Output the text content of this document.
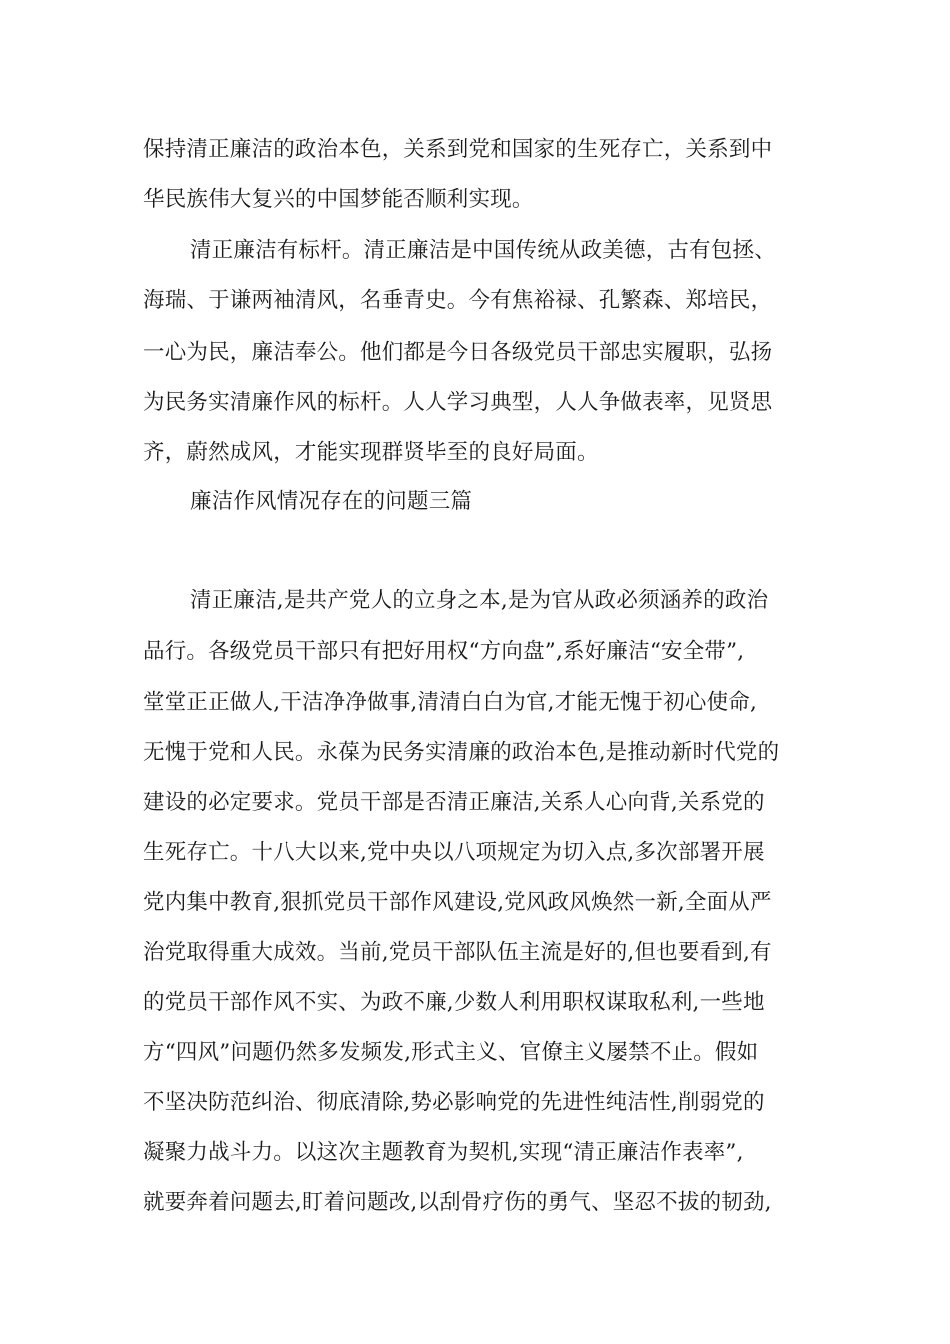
保持清正廉洁的政治本色，关系到党和国家的生死存亡，关系到中
华民族伟大复兴的中国梦能否顺利实现。
清正廉洁有标杆。清正廉洁是中国传统从政美德，古有包拯、
海瑞、于谦两袖清风，名垂青史。今有焦裕禄、孔繁森、郑培民，
一心为民，廉洁奉公。他们都是今日各级党员干部忠实履职，弘扬
为民务实清廉作风的标杆。人人学习典型，人人争做表率，见贤思
齐，蔚然成风，才能实现群贤毕至的良好局面。
廉洁作风情况存在的问题三篇
清正廉洁,是共产党人的立身之本,是为官从政必须涵养的政治
品行。各级党员干部只有把好用权“方向盘”,系好廉洁“安全带”,
堂堂正正做人,干洁净净做事,清清白白为官,才能无愧于初心使命,
无愧于党和人民。永葆为民务实清廉的政治本色,是推动新时代党的
建设的必定要求。党员干部是否清正廉洁,关系人心向背,关系党的
生死存亡。十八大以来,党中央以八项规定为切入点,多次部署开展
党内集中教育,狠抓党员干部作风建设,党风政风焕然一新,全面从严
治党取得重大成效。当前,党员干部队伍主流是好的,但也要看到,有
的党员干部作风不实、为政不廉,少数人利用职权谋取私利,一些地
方“四风”问题仍然多发频发,形式主义、官僚主义屡禁不止。假如
不坚决防范纠治、彻底清除,势必影响党的先进性纯洁性,削弱党的
凝聚力战斗力。以这次主题教育为契机,实现“清正廉洁作表率”,
就要奔着问题去,盯着问题改,以刮骨疗伤的勇气、坚忍不拔的韧劲,
